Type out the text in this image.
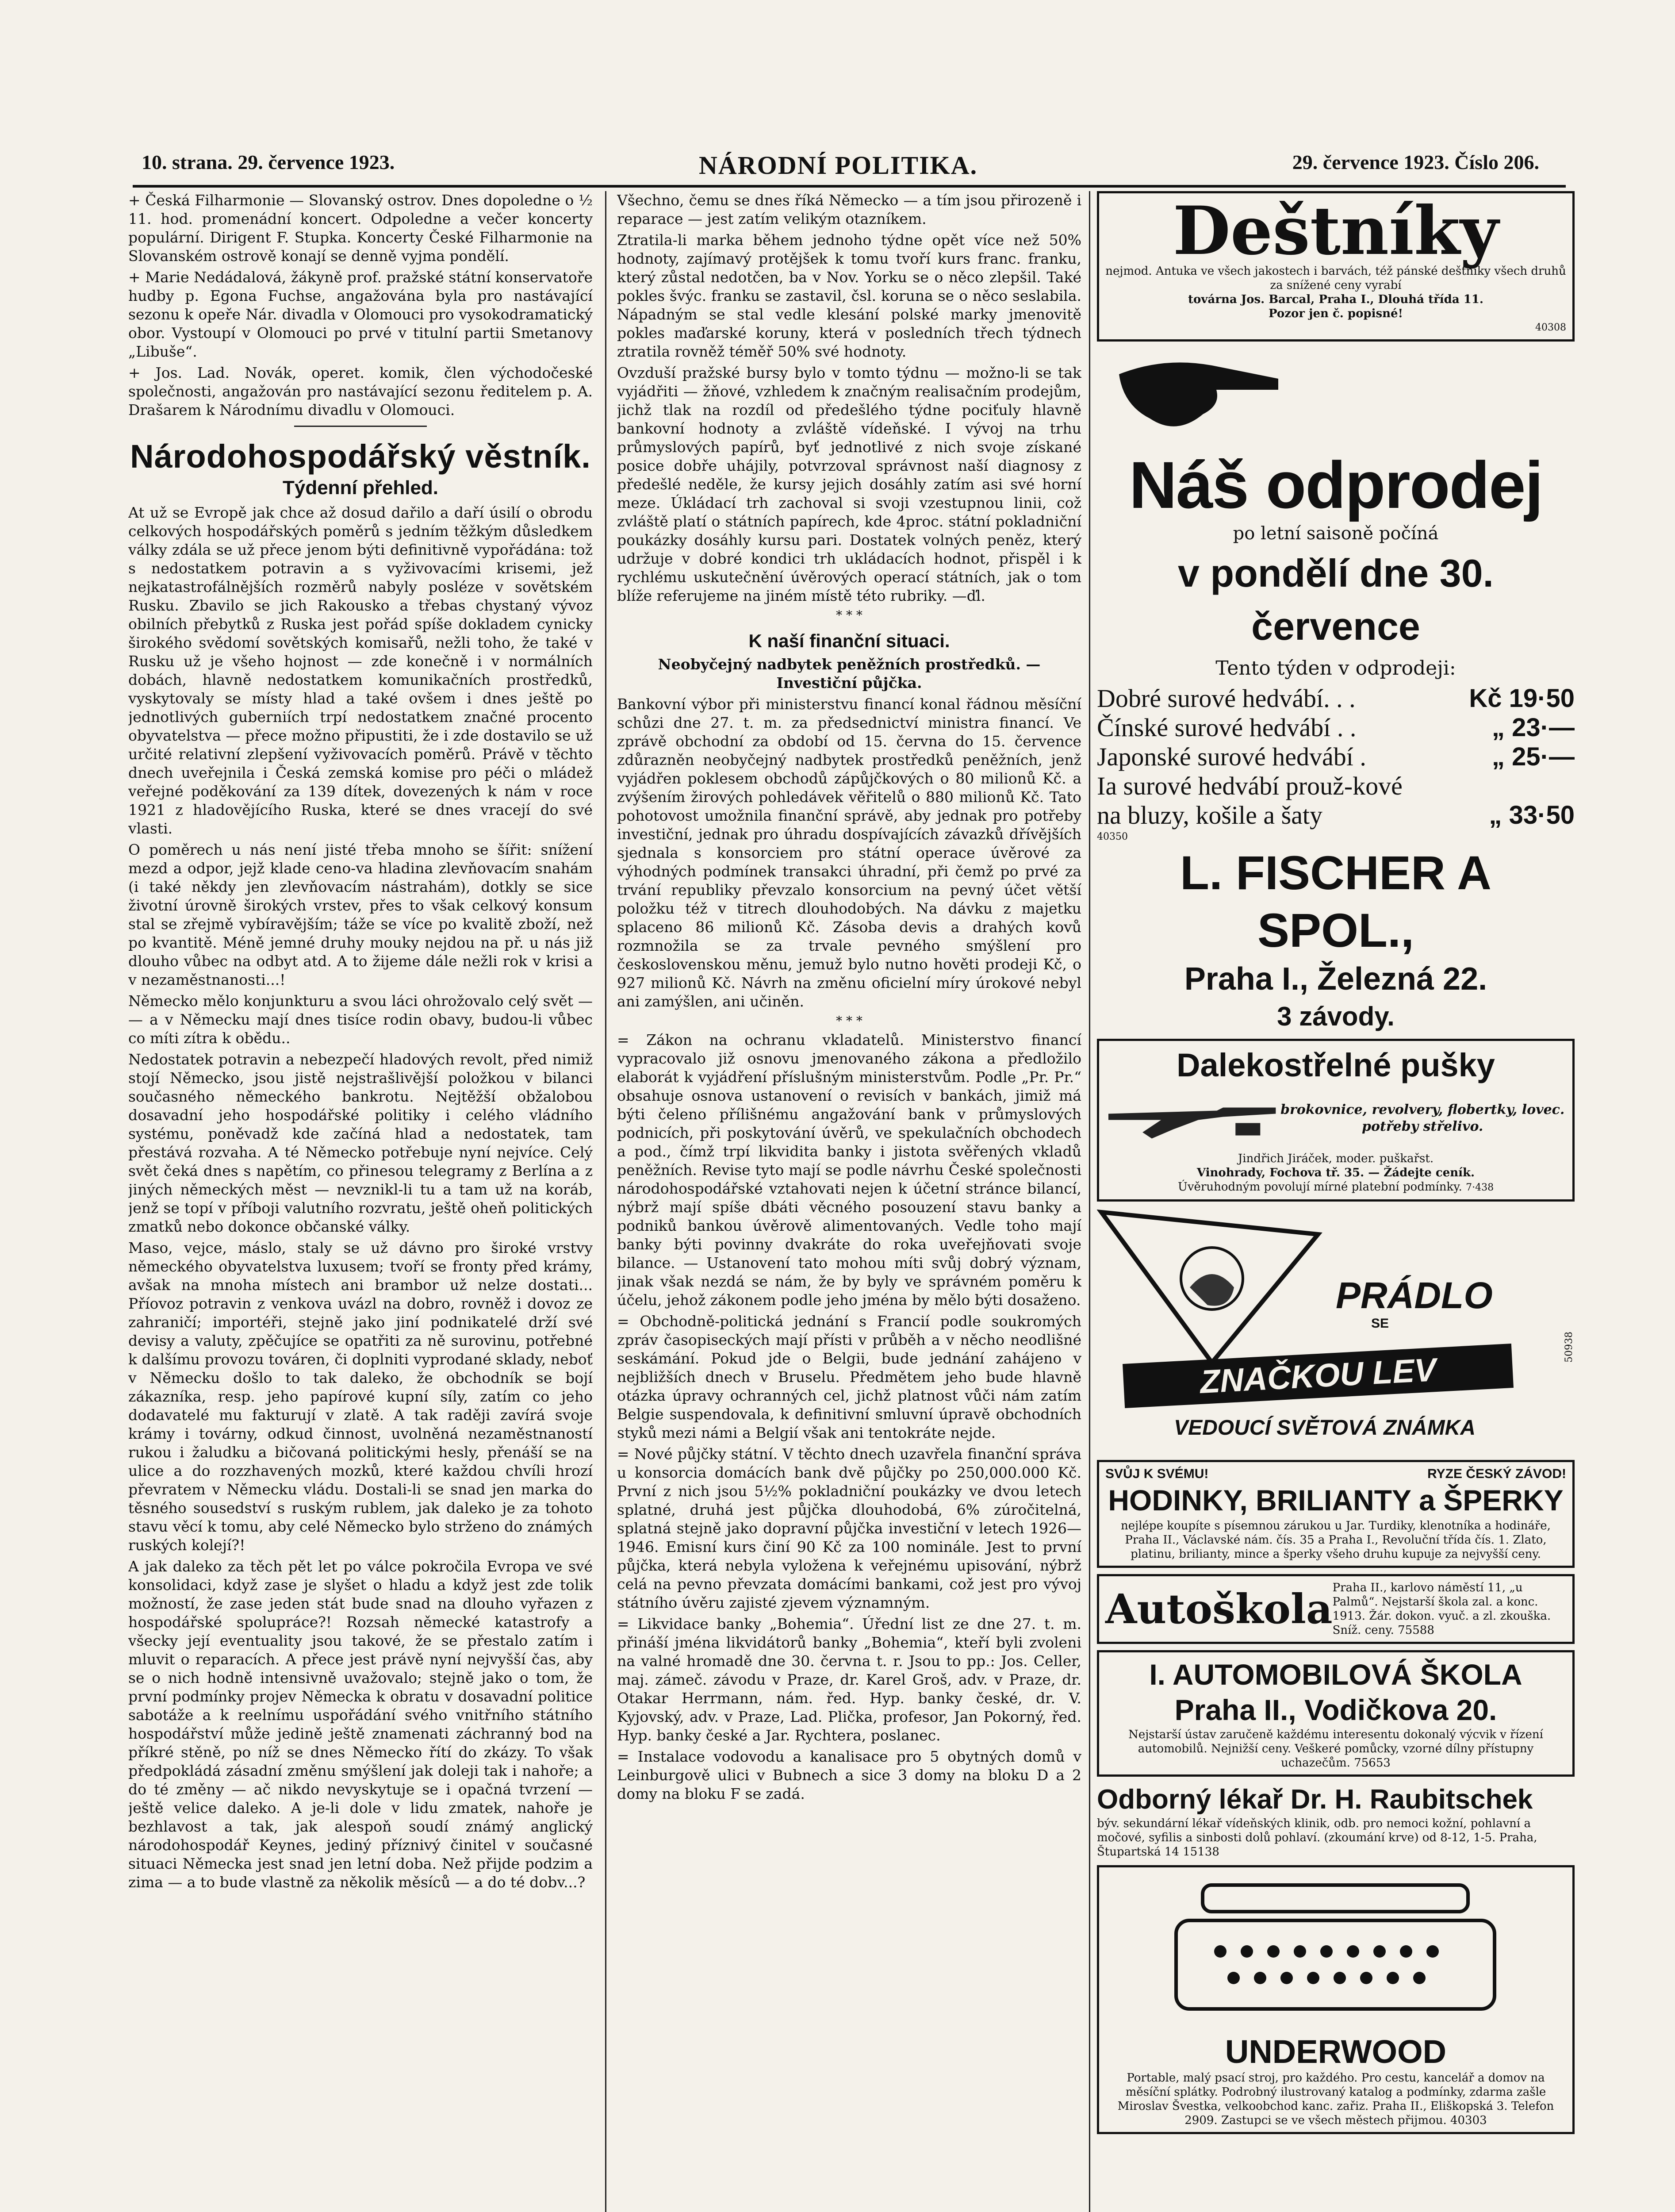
10. strana. 29. července 1923.	NÁRODNÍ POLITIKA.	29. července 1923. Číslo 206.

+ Česká Filharmonie — Slovanský ostrov. Dnes dopoledne o ½ 11. hod. promenádní koncert. Odpoledne a večer koncerty populární. Dirigent F. Stupka. Koncerty České Filharmonie na Slovanském ostrově konají se denně vyjma pondělí.

+ Marie Nedádalová, žákyně prof. pražské státní konservatoře hudby p. Egona Fuchse, angažována byla pro nastávající sezonu k opeře Nár. divadla v Olomouci pro vysokodramatický obor. Vystoupí v Olomouci po prvé v titulní partii Smetanovy „Libuše“.

+ Jos. Lad. Novák, operet. komik, člen východočeské společnosti, angažován pro nastávající sezonu ředitelem p. A. Drašarem k Národnímu divadlu v Olomouci.

Národohospodářský věstník.
Týdenní přehled.

At už se Evropě jak chce až dosud dařilo a daří úsilí o obrodu celkových hospodářských poměrů s jedním těžkým důsledkem války zdála se už přece jenom býti definitivně vypořádána: tož s nedostatkem potravin a s vyživovacími krisemi, jež nejkatastrofálnějších rozměrů nabyly posléze v sovětském Rusku. Zbavilo se jich Rakousko a třebas chystaný vývoz obilních přebytků z Ruska jest pořád spíše dokladem cynicky širokého svědomí sovětských komisařů, nežli toho, že také v Rusku už je všeho hojnost — zde konečně i v normálních dobách, hlavně nedostatkem komunikačních prostředků, vyskytovaly se místy hlad a také ovšem i dnes ještě po jednotlivých guberniích trpí nedostatkem značné procento obyvatelstva — přece možno připustiti, že i zde dostavilo se už určité relativní zlepšení vyživovacích poměrů. Právě v těchto dnech uveřejnila i Česká zemská komise pro péči o mládež veřejné poděkování za 139 dítek, dovezených k nám v roce 1921 z hladovějícího Ruska, které se dnes vracejí do své vlasti.

O poměrech u nás není jisté třeba mnoho se šířit: snížení mezd a odpor, jejž klade ceno-va hladina zlevňovacím snahám (i také někdy jen zlevňovacím nástrahám), dotkly se sice životní úrovně širokých vrstev, přes to však celkový konsum stal se zřejmě vybíravějším; táže se více po kvalitě zboží, než po kvantitě. Méně jemné druhy mouky nejdou na př. u nás již dlouho vůbec na odbyt atd. A to žijeme dále nežli rok v krisi a v nezaměstnanosti...!

Německo mělo konjunkturu a svou láci ohrožovalo celý svět — — a v Německu mají dnes tisíce rodin obavy, budou-li vůbec co míti zítra k obědu..

Nedostatek potravin a nebezpečí hladových revolt, před nimiž stojí Německo, jsou jistě nejstrašlivější položkou v bilanci současného německého bankrotu. Nejtěžší obžalobou dosavadní jeho hospodářské politiky i celého vládního systému, poněvadž kde začíná hlad a nedostatek, tam přestává rozvaha. A té Německo potřebuje nyní nejvíce. Celý svět čeká dnes s napětím, co přinesou telegramy z Berlína a z jiných německých měst — nevznikl-li tu a tam už na koráb, jenž se topí v příboji valutního rozvratu, ještě oheň politických zmatků nebo dokonce občanské války.

Maso, vejce, máslo, staly se už dávno pro široké vrstvy německého obyvatelstva luxusem; tvoří se fronty před krámy, avšak na mnoha místech ani brambor už nelze dostati... Příovoz potravin z venkova uvázl na dobro, rovněž i dovoz ze zahraničí; importéři, stejně jako jiní podnikatelé drží své devisy a valuty, zpěčujíce se opatřiti za ně surovinu, potřebné k dalšímu provozu továren, či doplniti vyprodané sklady, neboť v Německu došlo to tak daleko, že obchodník se bojí zákazníka, resp. jeho papírové kupní síly, zatím co jeho dodavatelé mu fakturují v zlatě. A tak raději zavírá svoje krámy i továrny, odkud činnost, uvolněná nezaměstnaností rukou i žaludku a bičovaná politickými hesly, přenáší se na ulice a do rozzhavených mozků, které každou chvíli hrozí převratem v Německu vládu. Dostali-li se snad jen marka do těsného sousedství s ruským rublem, jak daleko je za tohoto stavu věcí k tomu, aby celé Německo bylo strženo do známých ruských kolejí?!

A jak daleko za těch pět let po válce pokročila Evropa ve své konsolidaci, když zase je slyšet o hladu a když jest zde tolik možností, že zase jeden stát bude snad na dlouho vyřazen z hospodářské spolupráce?! Rozsah německé katastrofy a všecky její eventuality jsou takové, že se přestalo zatím i mluvit o reparacích. A přece jest právě nyní nejvyšší čas, aby se o nich hodně intensivně uvažovalo; stejně jako o tom, že první podmínky projev Německa k obratu v dosavadní politice sabotáže a k reelnímu uspořádání svého vnitřního státního hospodářství může jedině ještě znamenati záchranný bod na příkré stěně, po níž se dnes Německo řítí do zkázy. To však předpokládá zásadní změnu smýšlení jak doleji tak i nahoře; a do té změny — ač nikdo nevyskytuje se i opačná tvrzení — ještě velice daleko. A je-li dole v lidu zmatek, nahoře je bezhlavost a tak, jak alespoň soudí známý anglický národohospodář Keynes, jediný příznivý činitel v současné situaci Německa jest snad jen letní doba. Než přijde podzim a zima — a to bude vlastně za několik měsíců — a do té dobv...?

Všechno, čemu se dnes říká Německo — a tím jsou přirozeně i reparace — jest zatím velikým otazníkem.

Ztratila-li marka během jednoho týdne opět více než 50% hodnoty, zajímavý protějšek k tomu tvoří kurs franc. franku, který zůstal nedotčen, ba v Nov. Yorku se o něco zlepšil. Také pokles švýc. franku se zastavil, čsl. koruna se o něco seslabila. Nápadným se stal vedle klesání polské marky jmenovitě pokles maďarské koruny, která v posledních třech týdnech ztratila rovněž téměř 50% své hodnoty.

Ovzduší pražské bursy bylo v tomto týdnu — možno-li se tak vyjádřiti — žňové, vzhledem k značným realisačním prodejům, jichž tlak na rozdíl od předešlého týdne pociťuly hlavně bankovní hodnoty a zvláště vídeňské. I vývoj na trhu průmyslových papírů, byť jednotlivé z nich svoje získané posice dobře uhájily, potvrzoval správnost naší diagnosy z předešlé neděle, že kursy jejich dosáhly zatím asi své horní meze. Úkládací trh zachoval si svoji vzestupnou linii, což zvláště platí o státních papírech, kde 4proc. státní pokladniční poukázky dosáhly kursu pari. Dostatek volných peněz, který udržuje v dobré kondici trh ukládacích hodnot, přispěl i k rychlému uskutečnění úvěrových operací státních, jak o tom blíže referujeme na jiném místě této rubriky. —ďl.

* * *
K naší finanční situaci.

Neobyčejný nadbytek peněžních prostředků. — Investiční půjčka.

Bankovní výbor při ministerstvu financí konal řádnou měsíční schůzi dne 27. t. m. za předsednictví ministra financí. Ve zprávě obchodní za období od 15. června do 15. července zdůrazněn neobyčejný nadbytek prostředků peněžních, jenž vyjádřen poklesem obchodů zápůjčkových o 80 milionů Kč. a zvýšením žirových pohledávek věřitelů o 880 milionů Kč. Tato pohotovost umožnila finanční správě, aby jednak pro potřeby investiční, jednak pro úhradu dospívajících závazků dřívějších sjednala s konsorciem pro státní operace úvěrové za výhodných podmínek transakci úhradní, při čemž po prvé za trvání republiky převzalo konsorcium na pevný účet větší položku též v titrech dlouhodobých. Na dávku z majetku splaceno 86 milionů Kč. Zásoba devis a drahých kovů rozmnožila se za trvale pevného smýšlení pro československou měnu, jemuž bylo nutno hověti prodeji Kč, o 927 milionů Kč. Návrh na změnu oficielní míry úrokové nebyl ani zamýšlen, ani učiněn.

* * *

= Zákon na ochranu vkladatelů. Ministerstvo financí vypracovalo již osnovu jmenovaného zákona a předložilo elaborát k vyjádření příslušným ministerstvům. Podle „Pr. Pr.“ obsahuje osnova ustanovení o revisích v bankách, jimiž má býti čeleno přílišnému angažování bank v průmyslových podnicích, při poskytování úvěrů, ve spekulačních obchodech a pod., čímž trpí likvidita banky i jistota svěřených vkladů peněžních. Revise tyto mají se podle návrhu České společnosti národohospodářské vztahovati nejen k účetní stránce bilancí, nýbrž mají spíše dbáti věcného posouzení stavu banky a podniků bankou úvěrově alimentovaných. Vedle toho mají banky býti povinny dvakráte do roka uveřejňovati svoje bilance. — Ustanovení tato mohou míti svůj dobrý význam, jinak však nezdá se nám, že by byly ve správném poměru k účelu, jehož zákonem podle jeho jména by mělo býti dosaženo.

= Obchodně-politická jednání s Francií podle soukromých zpráv časopiseckých mají přísti v průběh a v něcho neodlišné seskámání. Pokud jde o Belgii, bude jednání zahájeno v nejbližších dnech v Bruselu. Předmětem jeho bude hlavně otázka úpravy ochranných cel, jichž platnost vůči nám zatím Belgie suspendovala, k definitivní smluvní úpravě obchodních styků mezi námi a Belgií však ani tentokráte nejde.

= Nové půjčky státní. V těchto dnech uzavřela finanční správa u konsorcia domácích bank dvě půjčky po 250,000.000 Kč. První z nich jsou 5½% pokladniční poukázky ve dvou letech splatné, druhá jest půjčka dlouhodobá, 6% zúročitelná, splatná stejně jako dopravní půjčka investiční v letech 1926—1946. Emisní kurs činí 90 Kč za 100 nominále. Jest to první půjčka, která nebyla vyložena k veřejnému upisování, nýbrž celá na pevno převzata domácími bankami, což jest pro vývoj státního úvěru zajisté zjevem významným.

= Likvidace banky „Bohemia“. Úřední list ze dne 27. t. m. přináší jména likvidátorů banky „Bohemia“, kteří byli zvoleni na valné hromadě dne 30. června t. r. Jsou to pp.: Jos. Celler, maj. zámeč. závodu v Praze, dr. Karel Groš, adv. v Praze, dr. Otakar Herrmann, nám. řed. Hyp. banky české, dr. V. Kyjovský, adv. v Praze, Lad. Plička, profesor, Jan Pokorný, řed. Hyp. banky české a Jar. Rychtera, poslanec.

= Instalace vodovodu a kanalisace pro 5 obytných domů v Leinburgově ulici v Bubnech a sice 3 domy na bloku D a 2 domy na bloku F se zadá.

Deštníky

nejmod. Antuka ve všech jakostech i barvách, též pánské deštníky všech druhů za snížené ceny vyrabí

továrna Jos. Barcal, Praha I., Dlouhá třída 11.

Pozor jen č. popisné!

40308

Náš odprodej

po letní saisoně počíná

v pondělí dne 30. července

Tento týden v odprodeji:

Dobré surové hedvábí. . .	Kč 19·50
Čínské surové hedvábí . .	„ 23·—
Japonské surové hedvábí .	„ 25·—
Ia surové hedvábí prouž-kové na bluzy, košile a šaty	„ 33·50

40350

L. FISCHER A SPOL.,
Praha I., Železná 22.
3 závody.
Dalekostřelné pušky

brokovnice, revolvery, flobertky, lovec. potřeby střelivo.

Jindřich Jiráček, moder. puškařst.

Vinohrady, Fochova tř. 35. — Žádejte ceník.

Úvěruhodným povolují mírné platební podmínky. 7·438

PRÁDLO
SE
ZNAČKOU LEV
VEDOUCÍ SVĚTOVÁ ZNÁMKA
50938
SVŮJ K SVÉMU!	RYZE ČESKÝ ZÁVOD!
HODINKY, BRILIANTY a ŠPERKY

nejlépe koupíte s písemnou zárukou u Jar. Turdiky, klenotníka a hodináře, Praha II., Václavské nám. čís. 35 a Praha I., Revoluční třída čís. 1. Zlato, platinu, brilianty, mince a šperky všeho druhu kupuje za nejvyšší ceny.

Autoškola Praha II., karlovo náměstí 11, „u Palmů“. Nejstarší škola zal. a konc. 1913. Žár. dokon. vyuč. a zl. zkouška. Sníž. ceny. 75588

I. AUTOMOBILOVÁ ŠKOLA
Praha II., Vodičkova 20.

Nejstarší ústav zaručeně každému interesentu dokonalý výcvik v řízení automobilů. Nejnižší ceny. Veškeré pomůcky, vzorné dílny přístupny uchazečům. 75653

Odborný lékař Dr. H. Raubitschek

býv. sekundární lékař vídeňských klinik, odb. pro nemoci kožní, pohlavní a močové, syfilis a sinbosti dolů pohlaví. (zkoumání krve) od 8-12, 1-5. Praha, Štupartská 14 15138

UNDERWOOD

Portable, malý psací stroj, pro každého. Pro cestu, kancelář a domov na měsíční splátky. Podrobný ilustrovaný katalog a podmínky, zdarma zašle Miroslav Švestka, velkoobchod kanc. zařiz. Praha II., Eliškopská 3. Telefon 2909. Zastupci se ve všech městech přijmou. 40303
